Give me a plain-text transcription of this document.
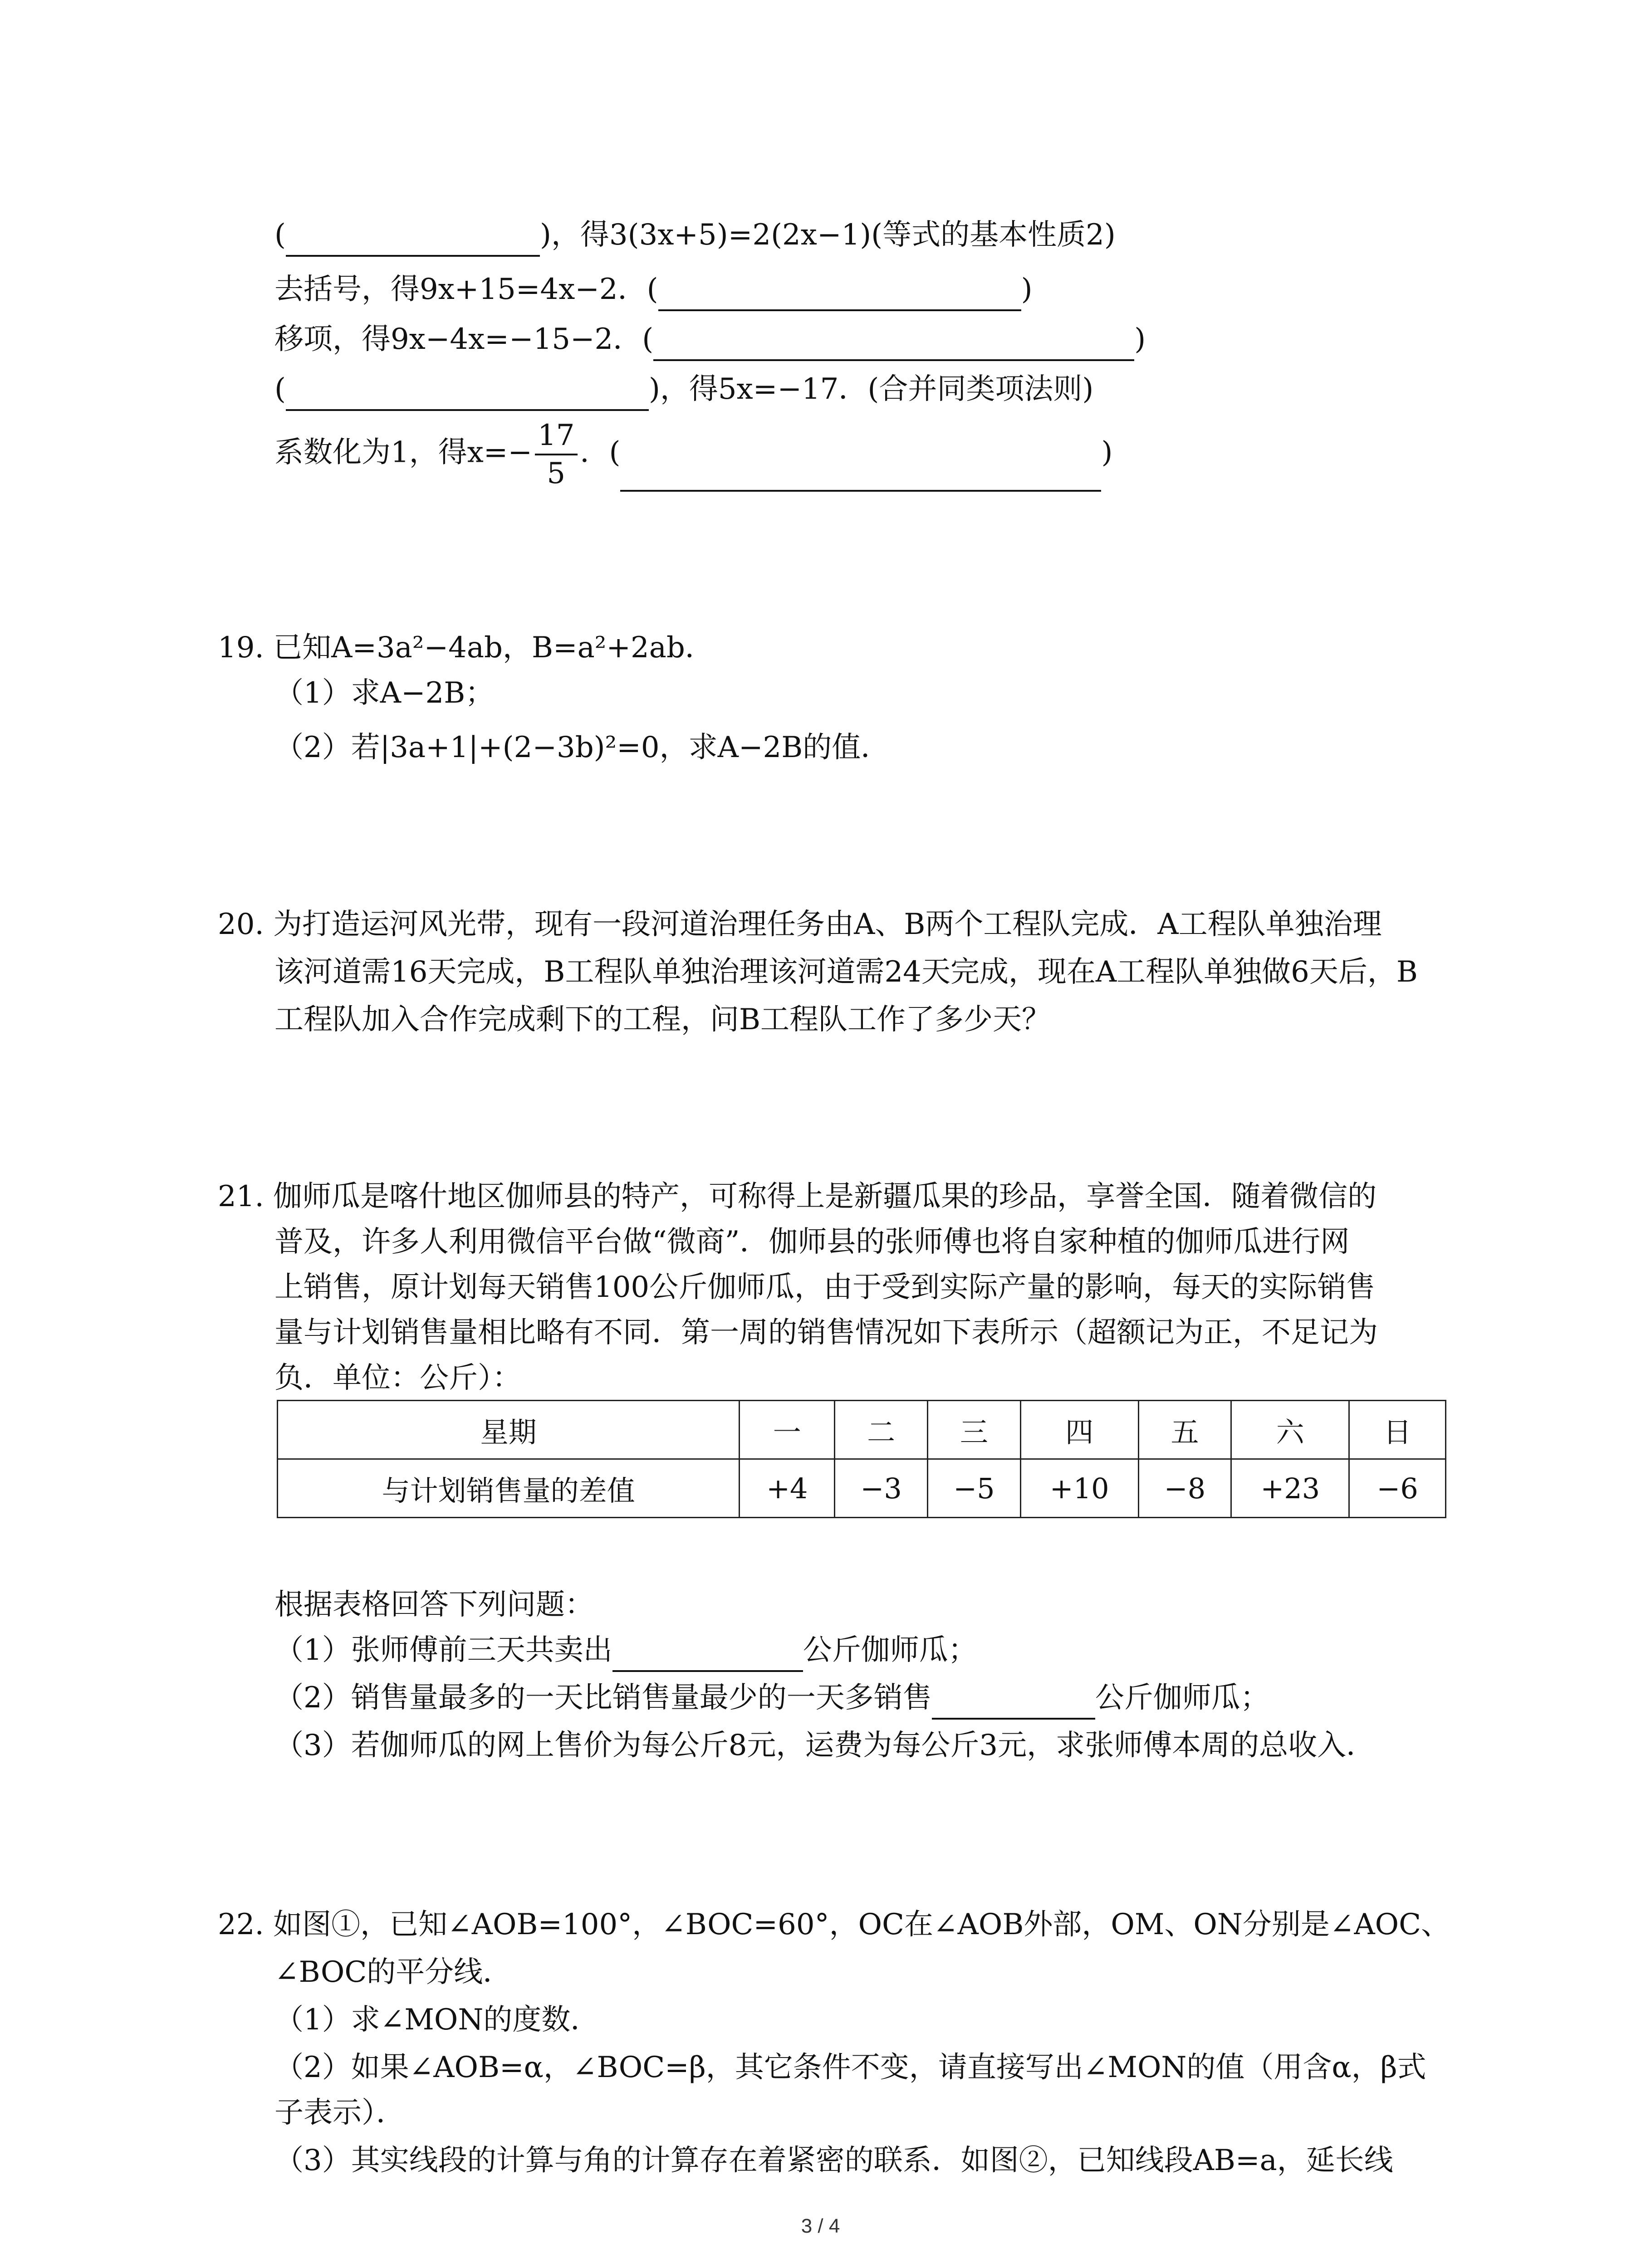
(	)，得3(3x+5)=2(2x−1)(等式的基本性质2)
去括号，得9x+15=4x−2．(	)
移项，得9x−4x=−15−2．(	)
(	)，得5x=−17．(合并同类项法则)
系数化为1，得$x=- \frac{17}{5}$ ．(	)
19. 已知A=3a²−4ab，B=a²+2ab．
（1）求A−2B；
（2）若|3a+1|+(2−3b)²=0，求A−2B的值．
20. 为打造运河风光带，现有一段河道治理任务由A、B两个工程队完成．A工程队单独治理
该河道需16天完成，B工程队单独治理该河道需24天完成，现在A工程队单独做6天后，B
工程队加入合作完成剩下的工程，问B工程队工作了多少天？
21. 伽师瓜是喀什地区伽师县的特产，可称得上是新疆瓜果的珍品，享誉全国．随着微信的
普及，许多人利用微信平台做“微商”．伽师县的张师傅也将自家种植的伽师瓜进行网
上销售，原计划每天销售100公斤伽师瓜，由于受到实际产量的影响，每天的实际销售
量与计划销售量相比略有不同．第一周的销售情况如下表所示（超额记为正，不足记为
负．单位：公斤）：
星期	一	二	三	四	五	六	日
与计划销售量的差值	+4	−3	−5	+10	−8	+23	−6
根据表格回答下列问题：
（1）张师傅前三天共卖出	公斤伽师瓜；
（2）销售量最多的一天比销售量最少的一天多销售	公斤伽师瓜；
（3）若伽师瓜的网上售价为每公斤8元，运费为每公斤3元，求张师傅本周的总收入．
22. 如图①，已知∠AOB=100°，∠BOC=60°，OC在∠AOB外部，OM、ON分别是∠AOC、
∠BOC的平分线．
（1）求∠MON的度数．
（2）如果∠AOB=α，∠BOC=β，其它条件不变，请直接写出∠MON的值（用含α，β式
子表示）．
（3）其实线段的计算与角的计算存在着紧密的联系．如图②，已知线段AB=a，延长线
3 / 4
